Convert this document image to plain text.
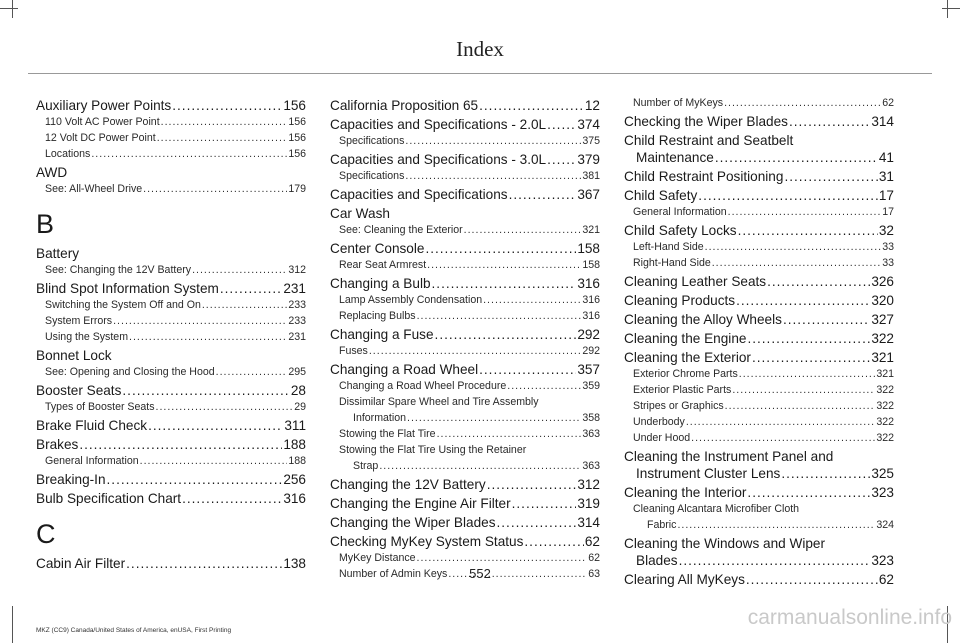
Index
Auxiliary Power Points .....	156
110 Volt AC Power Point .....	156
12 Volt DC Power Point .....	156
Locations .....	156
AWD
See: All-Wheel Drive .....	179
B
Battery
See: Changing the 12V Battery .....	312
Blind Spot Information System .....	231
Switching the System Off and On .....	233
System Errors .....	233
Using the System .....	231
Bonnet Lock
See: Opening and Closing the Hood .....	295
Booster Seats .....	28
Types of Booster Seats .....	29
Brake Fluid Check .....	311
Brakes .....	188
General Information .....	188
Breaking-In .....	256
Bulb Specification Chart .....	316
C
Cabin Air Filter .....	138
California Proposition 65 .....	12
Capacities and Specifications - 2.0L ..... 374
Specifications .....	375
Capacities and Specifications - 3.0L ..... 379
Specifications .....	381
Capacities and Specifications .....	367
Car Wash
See: Cleaning the Exterior .....	321
Center Console .....	158
Rear Seat Armrest .....	158
Changing a Bulb .....	316
Lamp Assembly Condensation .....	316
Replacing Bulbs .....	316
Changing a Fuse .....	292
Fuses .....	292
Changing a Road Wheel .....	357
Changing a Road Wheel Procedure .....	359
Dissimilar Spare Wheel and Tire Assembly
Information .....	358
Stowing the Flat Tire .....	363
Stowing the Flat Tire Using the Retainer
Strap .....	363
Changing the 12V Battery .....	312
Changing the Engine Air Filter .....	319
Changing the Wiper Blades .....	314
Checking MyKey System Status .....	62
MyKey Distance .....	62
Number of Admin Keys .....	63
Number of MyKeys .....	62
Checking the Wiper Blades .....	314
Child Restraint and Seatbelt
Maintenance .....	41
Child Restraint Positioning .....	31
Child Safety .....	17
General Information .....	17
Child Safety Locks .....	32
Left-Hand Side .....	33
Right-Hand Side .....	33
Cleaning Leather Seats .....	326
Cleaning Products .....	320
Cleaning the Alloy Wheels .....	327
Cleaning the Engine .....	322
Cleaning the Exterior .....	321
Exterior Chrome Parts .....	321
Exterior Plastic Parts .....	322
Stripes or Graphics .....	322
Underbody .....	322
Under Hood .....	322
Cleaning the Instrument Panel and
Instrument Cluster Lens .....	325
Cleaning the Interior .....	323
Cleaning Alcantara Microfiber Cloth
Fabric .....	324
Cleaning the Windows and Wiper
Blades .....	323
Clearing All MyKeys .....	62
552
MKZ (CC9) Canada/United States of America, enUSA, First Printing
carmanualsonline.info
